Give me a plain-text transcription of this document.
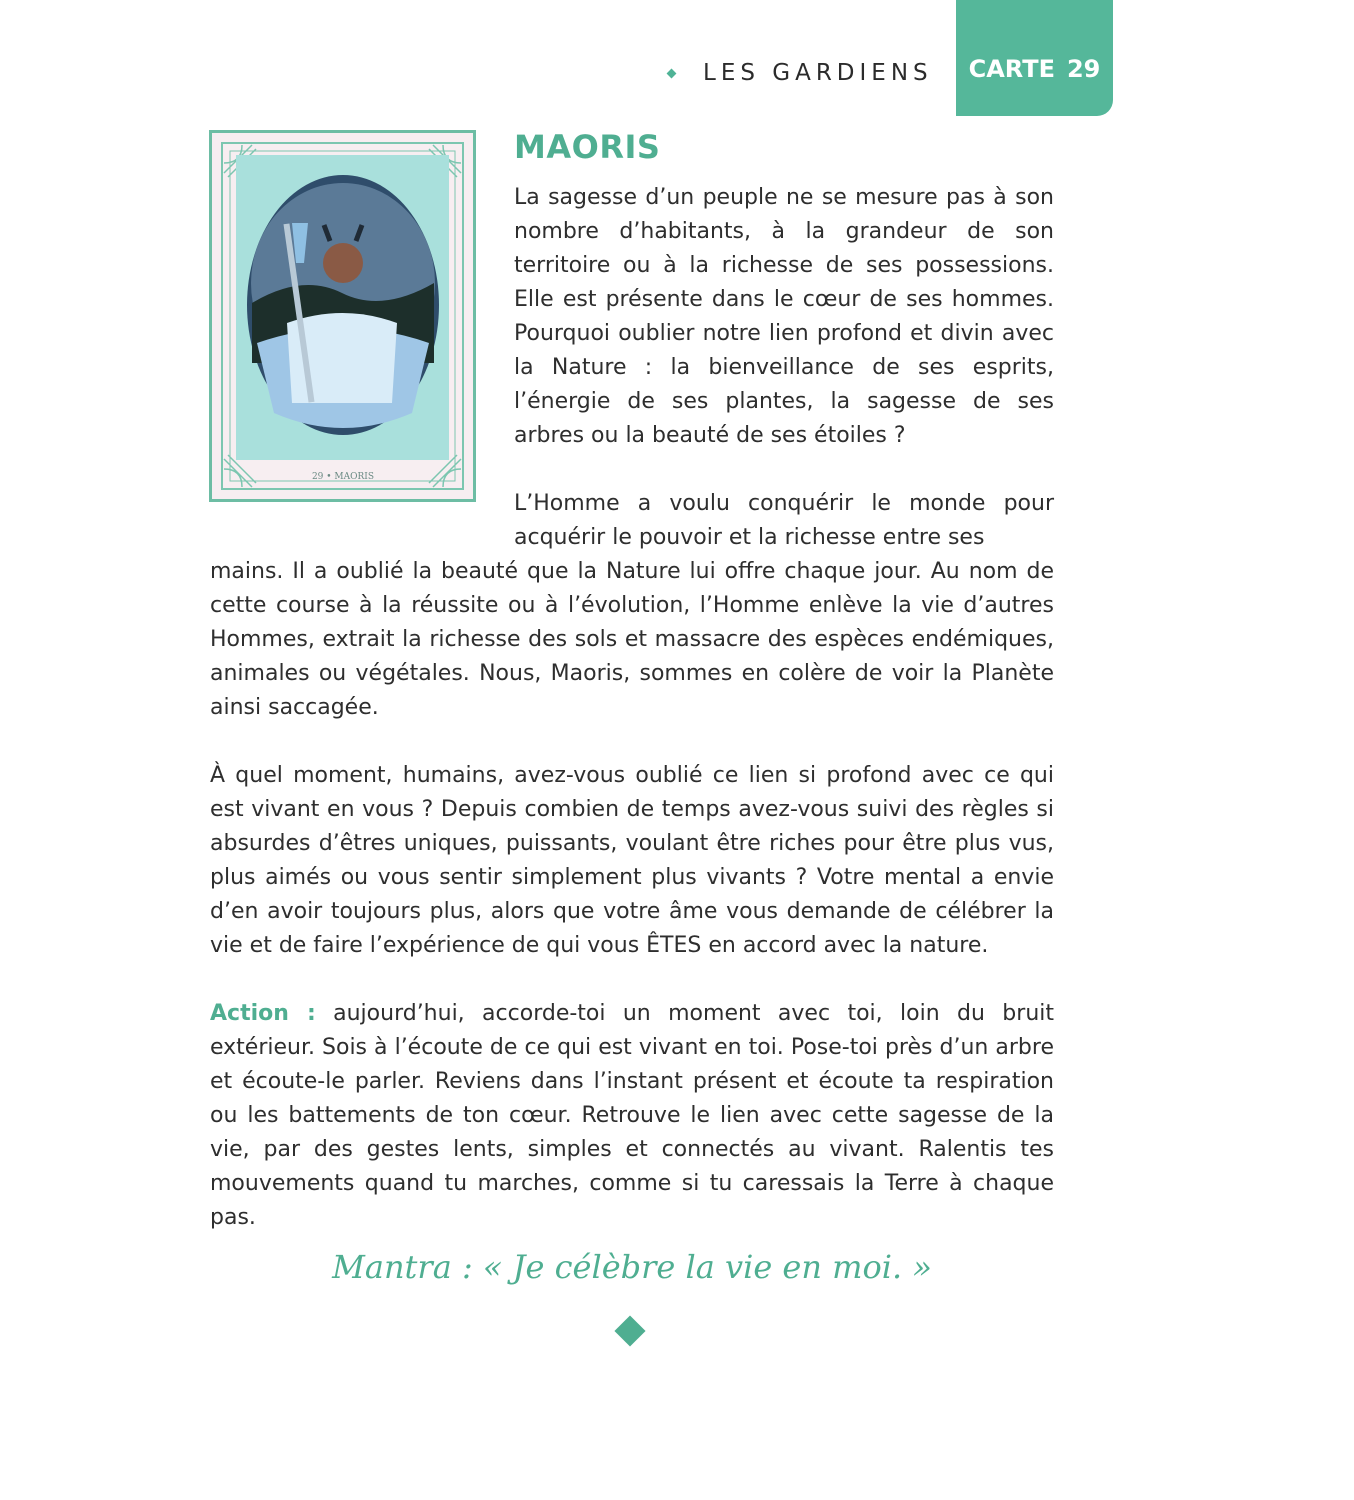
LES GARDIENS CARTE 29
29 • MAORIS
MAORIS

La sagesse d’un peuple ne se mesure pas à son nombre d’habitants, à la grandeur de son territoire ou à la richesse de ses possessions. Elle est présente dans le cœur de ses hommes. Pourquoi oublier notre lien profond et divin avec la Nature : la bienveillance de ses esprits, l’énergie de ses plantes, la sagesse de ses arbres ou la beauté de ses étoiles ?

L’Homme a voulu conquérir le monde pour acquérir le pouvoir et la richesse entre ses

mains. Il a oublié la beauté que la Nature lui offre chaque jour. Au nom de cette course à la réussite ou à l’évolution, l’Homme enlève la vie d’autres Hommes, extrait la richesse des sols et massacre des espèces endémiques, animales ou végétales. Nous, Maoris, sommes en colère de voir la Planète ainsi saccagée.

À quel moment, humains, avez-vous oublié ce lien si profond avec ce qui est vivant en vous ? Depuis combien de temps avez-vous suivi des règles si absurdes d’êtres uniques, puissants, voulant être riches pour être plus vus, plus aimés ou vous sentir simplement plus vivants ? Votre mental a envie d’en avoir toujours plus, alors que votre âme vous demande de célébrer la vie et de faire l’expérience de qui vous ÊTES en accord avec la nature.

Action : aujourd’hui, accorde-toi un moment avec toi, loin du bruit extérieur. Sois à l’écoute de ce qui est vivant en toi. Pose-toi près d’un arbre et écoute-le parler. Reviens dans l’instant présent et écoute ta respiration ou les battements de ton cœur. Retrouve le lien avec cette sagesse de la vie, par des gestes lents, simples et connectés au vivant. Ralentis tes mouvements quand tu marches, comme si tu caressais la Terre à chaque pas.

Mantra : « Je célèbre la vie en moi. »
